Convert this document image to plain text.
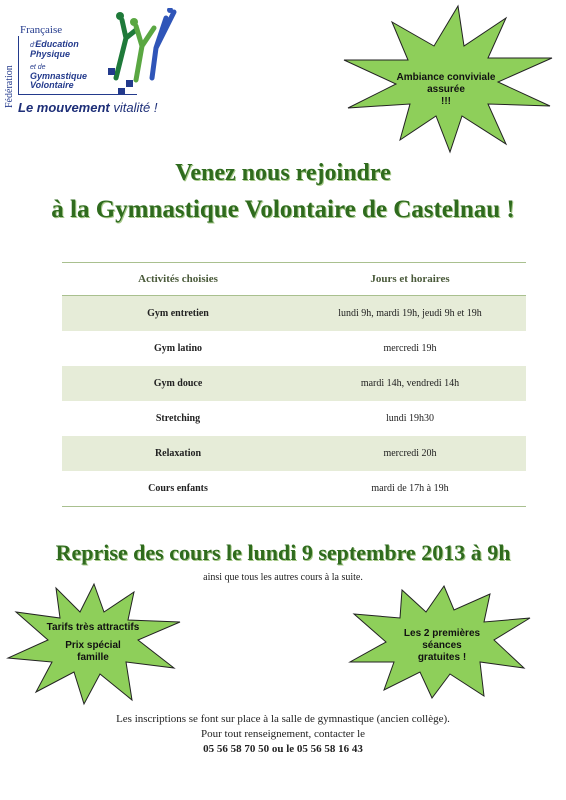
Fédération
Française
d'Education
Physique
et de
Gymnastique
Volontaire
Le mouvement vitalité !
Ambiance conviviale
assurée
!!!
Venez nous rejoindre
à la Gymnastique Volontaire de Castelnau !
Activités choisies	Jours et horaires
Gym entretien	lundi 9h, mardi 19h, jeudi 9h et 19h
Gym latino	mercredi 19h
Gym douce	mardi 14h, vendredi 14h
Stretching	lundi 19h30
Relaxation	mercredi 20h
Cours enfants	mardi de 17h à 19h
Reprise des cours le lundi 9 septembre 2013 à 9h
ainsi que tous les autres cours à la suite.
Tarifs très attractifs
Prix spécial
famille
Les 2 premières
séances
gratuites !
Les inscriptions se font sur place à la salle de gymnastique (ancien collège).
Pour tout renseignement, contacter le
05 56 58 70 50 ou le 05 56 58 16 43
